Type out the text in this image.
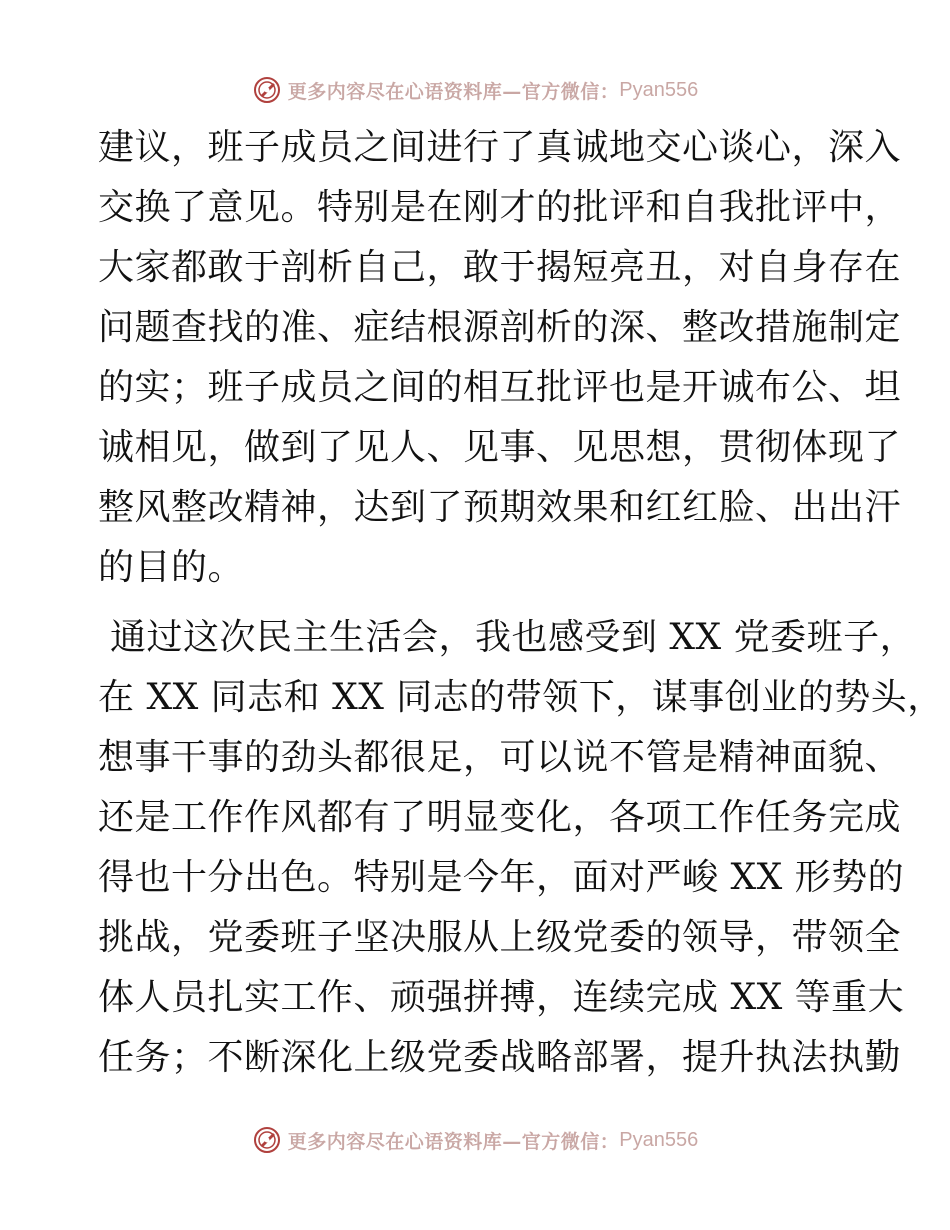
更多内容尽在心语资料库—官方微信： Pyan556
建议，班子成员之间进行了真诚地交心谈心，深入
交换了意见。特别是在刚才的批评和自我批评中，
大家都敢于剖析自己，敢于揭短亮丑，对自身存在
问题查找的准、症结根源剖析的深、整改措施制定
的实；班子成员之间的相互批评也是开诚布公、坦
诚相见，做到了见人、见事、见思想，贯彻体现了
整风整改精神，达到了预期效果和红红脸、出出汗
的目的。
通过这次民主生活会，我也感受到 XX 党委班子，
在 XX 同志和 XX 同志的带领下，谋事创业的势头，
想事干事的劲头都很足，可以说不管是精神面貌、
还是工作作风都有了明显变化，各项工作任务完成
得也十分出色。特别是今年，面对严峻 XX 形势的
挑战，党委班子坚决服从上级党委的领导，带领全
体人员扎实工作、顽强拼搏，连续完成 XX 等重大
任务；不断深化上级党委战略部署，提升执法执勤
更多内容尽在心语资料库—官方微信： Pyan556
